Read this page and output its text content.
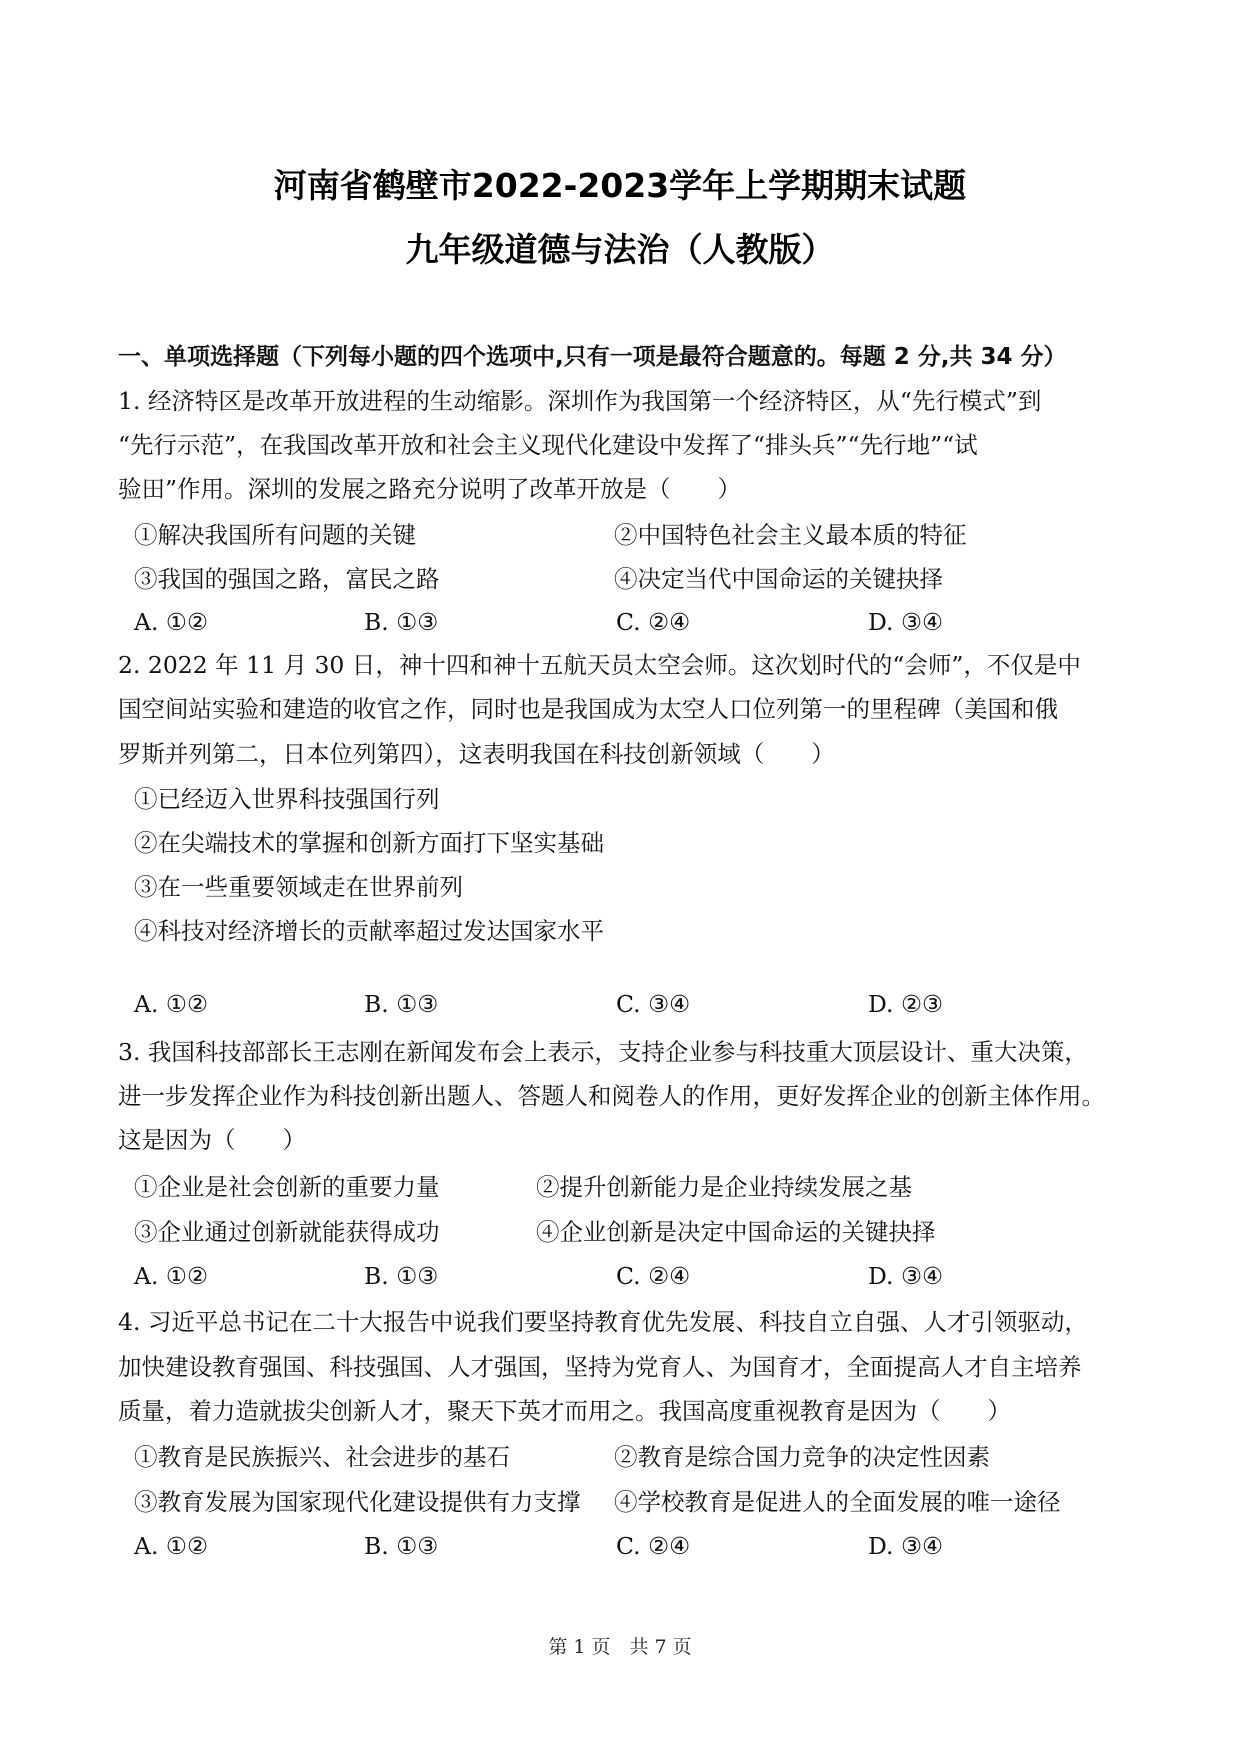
河南省鹤壁市2022-2023学年上学期期末试题
九年级道德与法治（人教版）
一、单项选择题（下列每小题的四个选项中,只有一项是最符合题意的。每题 2 分,共 34 分）
1. 经济特区是改革开放进程的生动缩影。深圳作为我国第一个经济特区，从“先行模式”到
“先行示范”，在我国改革开放和社会主义现代化建设中发挥了“排头兵”“先行地”“试
验田”作用。深圳的发展之路充分说明了改革开放是（　　）
①解决我国所有问题的关键	②中国特色社会主义最本质的特征
③我国的强国之路，富民之路	④决定当代中国命运的关键抉择
A. ①②	B. ①③	C. ②④	D. ③④
2. 2022 年 11 月 30 日，神十四和神十五航天员太空会师。这次划时代的“会师”，不仅是中
国空间站实验和建造的收官之作，同时也是我国成为太空人口位列第一的里程碑（美国和俄
罗斯并列第二，日本位列第四），这表明我国在科技创新领域（　　）
①已经迈入世界科技强国行列
②在尖端技术的掌握和创新方面打下坚实基础
③在一些重要领域走在世界前列
④科技对经济增长的贡献率超过发达国家水平
A. ①②	B. ①③	C. ③④	D. ②③
3. 我国科技部部长王志刚在新闻发布会上表示，支持企业参与科技重大顶层设计、重大决策，
进一步发挥企业作为科技创新出题人、答题人和阅卷人的作用，更好发挥企业的创新主体作用。
这是因为（　　）
①企业是社会创新的重要力量	②提升创新能力是企业持续发展之基
③企业通过创新就能获得成功	④企业创新是决定中国命运的关键抉择
A. ①②	B. ①③	C. ②④	D. ③④
4. 习近平总书记在二十大报告中说我们要坚持教育优先发展、科技自立自强、人才引领驱动，
加快建设教育强国、科技强国、人才强国，坚持为党育人、为国育才，全面提高人才自主培养
质量，着力造就拔尖创新人才，聚天下英才而用之。我国高度重视教育是因为（　　）
①教育是民族振兴、社会进步的基石	②教育是综合国力竞争的决定性因素
③教育发展为国家现代化建设提供有力支撑 ④学校教育是促进人的全面发展的唯一途径
A. ①②	B. ①③	C. ②④	D. ③④
第 1 页　共 7 页
